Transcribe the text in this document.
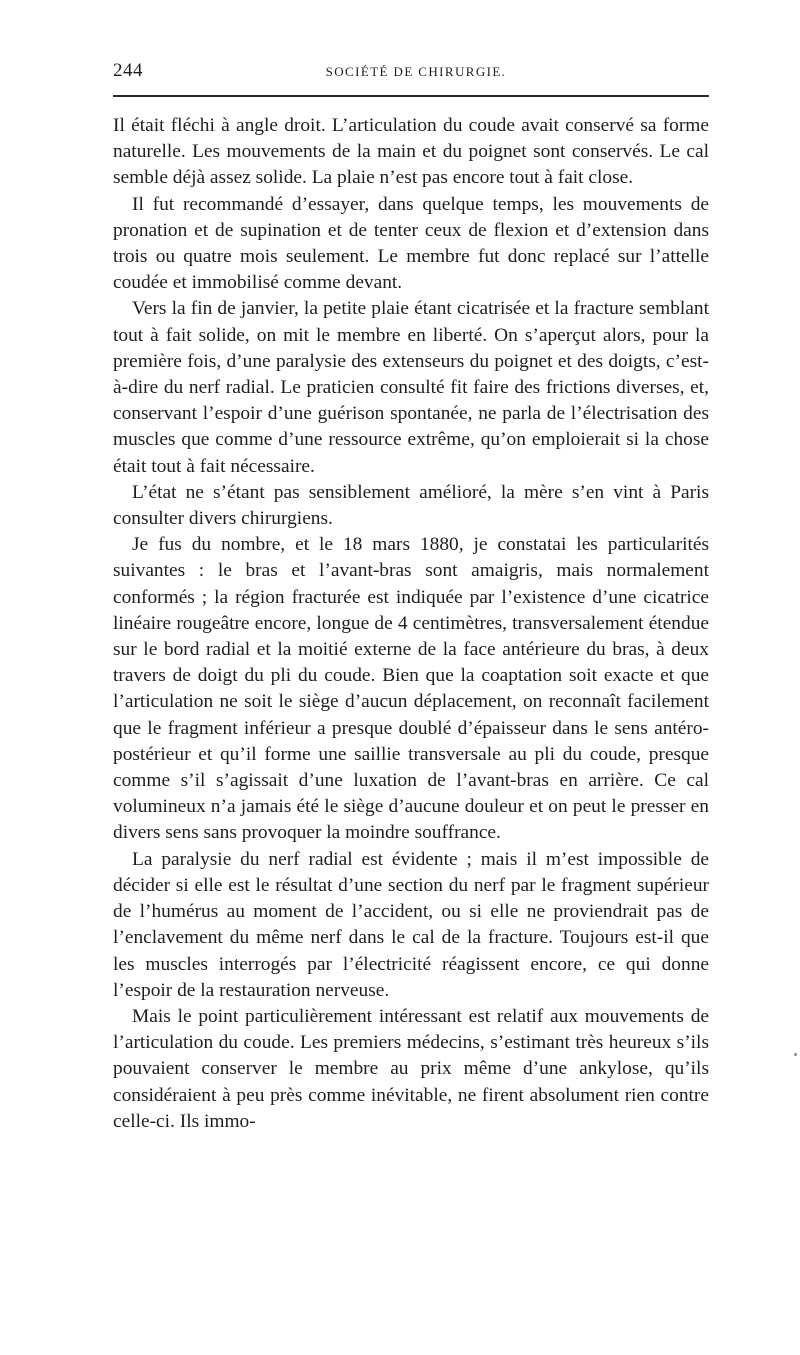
244	SOCIÉTÉ DE CHIRURGIE.

Il était fléchi à angle droit. L’articulation du coude avait conservé sa forme naturelle. Les mouvements de la main et du poignet sont conservés. Le cal semble déjà assez solide. La plaie n’est pas encore tout à fait close.

Il fut recommandé d’essayer, dans quelque temps, les mouvements de pronation et de supination et de tenter ceux de flexion et d’extension dans trois ou quatre mois seulement. Le membre fut donc replacé sur l’attelle coudée et immobilisé comme devant.

Vers la fin de janvier, la petite plaie étant cicatrisée et la fracture semblant tout à fait solide, on mit le membre en liberté. On s’aperçut alors, pour la première fois, d’une paralysie des extenseurs du poignet et des doigts, c’est-à-dire du nerf radial. Le praticien consulté fit faire des frictions diverses, et, conservant l’espoir d’une guérison spontanée, ne parla de l’électrisation des muscles que comme d’une ressource extrême, qu’on emploierait si la chose était tout à fait nécessaire.

L’état ne s’étant pas sensiblement amélioré, la mère s’en vint à Paris consulter divers chirurgiens.

Je fus du nombre, et le 18 mars 1880, je constatai les particularités suivantes : le bras et l’avant-bras sont amaigris, mais normalement conformés ; la région fracturée est indiquée par l’existence d’une cicatrice linéaire rougeâtre encore, longue de 4 centimètres, transversalement étendue sur le bord radial et la moitié externe de la face antérieure du bras, à deux travers de doigt du pli du coude. Bien que la coaptation soit exacte et que l’articulation ne soit le siège d’aucun déplacement, on reconnaît facilement que le fragment inférieur a presque doublé d’épaisseur dans le sens antéro-postérieur et qu’il forme une saillie transversale au pli du coude, presque comme s’il s’agissait d’une luxation de l’avant-bras en arrière. Ce cal volumineux n’a jamais été le siège d’aucune douleur et on peut le presser en divers sens sans provoquer la moindre souffrance.

La paralysie du nerf radial est évidente ; mais il m’est impossible de décider si elle est le résultat d’une section du nerf par le fragment supérieur de l’humérus au moment de l’accident, ou si elle ne proviendrait pas de l’enclavement du même nerf dans le cal de la fracture. Toujours est-il que les muscles interrogés par l’électricité réagissent encore, ce qui donne l’espoir de la restauration nerveuse.

Mais le point particulièrement intéressant est relatif aux mouvements de l’articulation du coude. Les premiers médecins, s’estimant très heureux s’ils pouvaient conserver le membre au prix même d’une ankylose, qu’ils considéraient à peu près comme inévitable, ne firent absolument rien contre celle-ci. Ils immo-
